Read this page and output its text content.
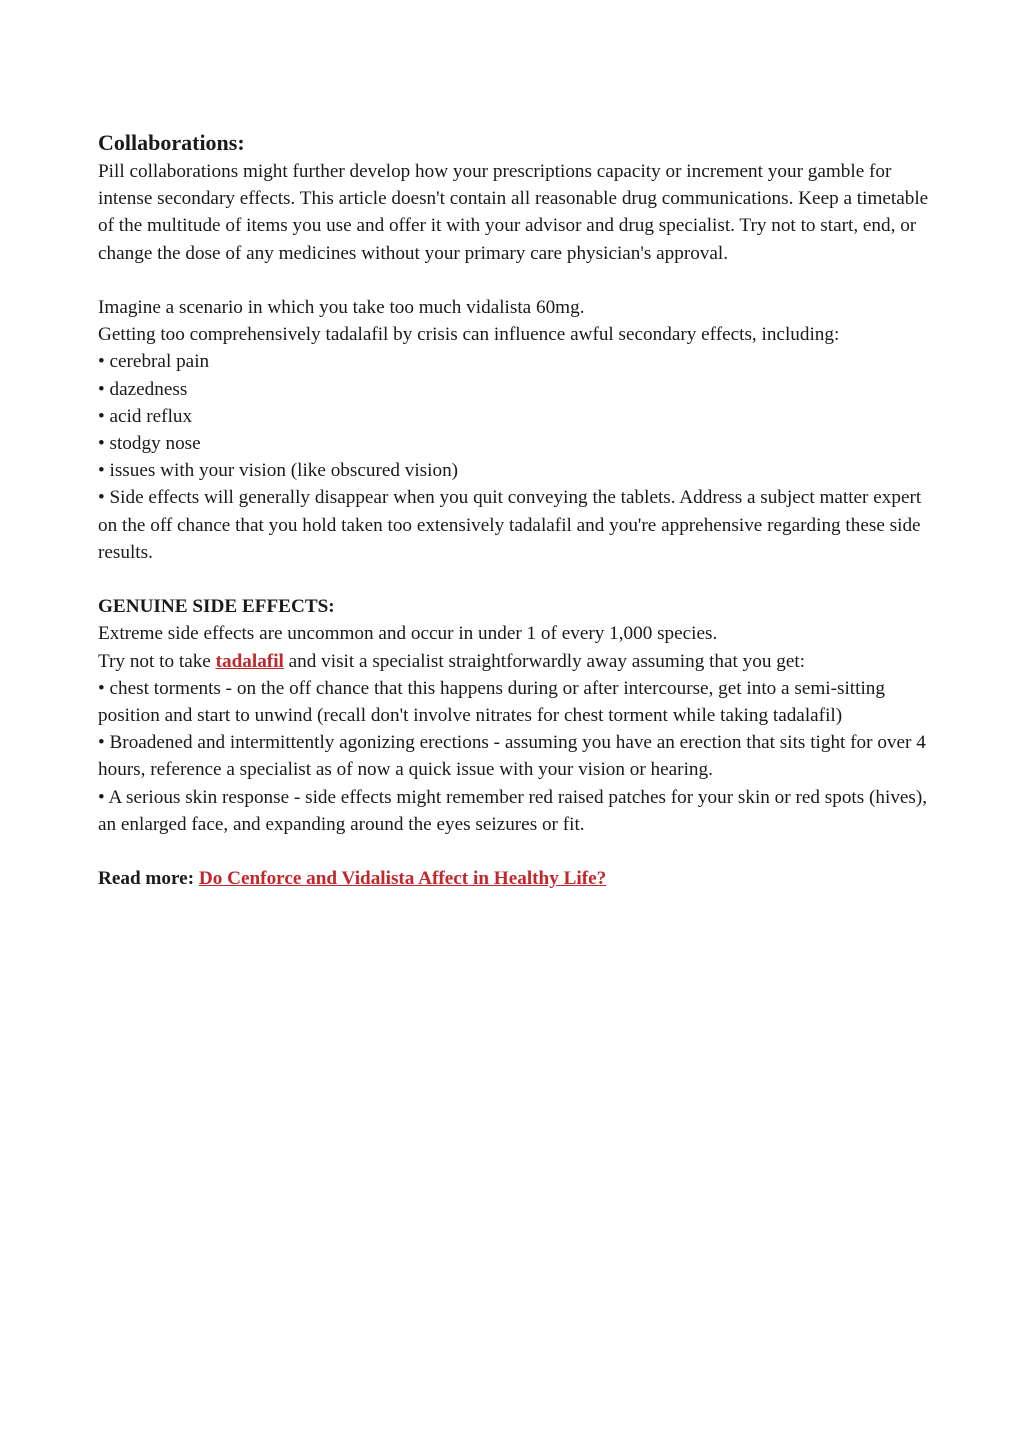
Collaborations:

Pill collaborations might further develop how your prescriptions capacity or increment your gamble for intense secondary effects. This article doesn't contain all reasonable drug communications. Keep a timetable of the multitude of items you use and offer it with your advisor and drug specialist. Try not to start, end, or change the dose of any medicines without your primary care physician's approval.

Imagine a scenario in which you take too much vidalista 60mg.

Getting too comprehensively tadalafil by crisis can influence awful secondary effects, including:

• cerebral pain

• dazedness

• acid reflux

• stodgy nose

• issues with your vision (like obscured vision)

• Side effects will generally disappear when you quit conveying the tablets. Address a subject matter expert on the off chance that you hold taken too extensively tadalafil and you're apprehensive regarding these side results.

GENUINE SIDE EFFECTS:

Extreme side effects are uncommon and occur in under 1 of every 1,000 species.

Try not to take tadalafil and visit a specialist straightforwardly away assuming that you get:

• chest torments - on the off chance that this happens during or after intercourse, get into a semi-sitting position and start to unwind (recall don't involve nitrates for chest torment while taking tadalafil)

• Broadened and intermittently agonizing erections - assuming you have an erection that sits tight for over 4 hours, reference a specialist as of now a quick issue with your vision or hearing.

• A serious skin response - side effects might remember red raised patches for your skin or red spots (hives), an enlarged face, and expanding around the eyes seizures or fit.

Read more: Do Cenforce and Vidalista Affect in Healthy Life?
